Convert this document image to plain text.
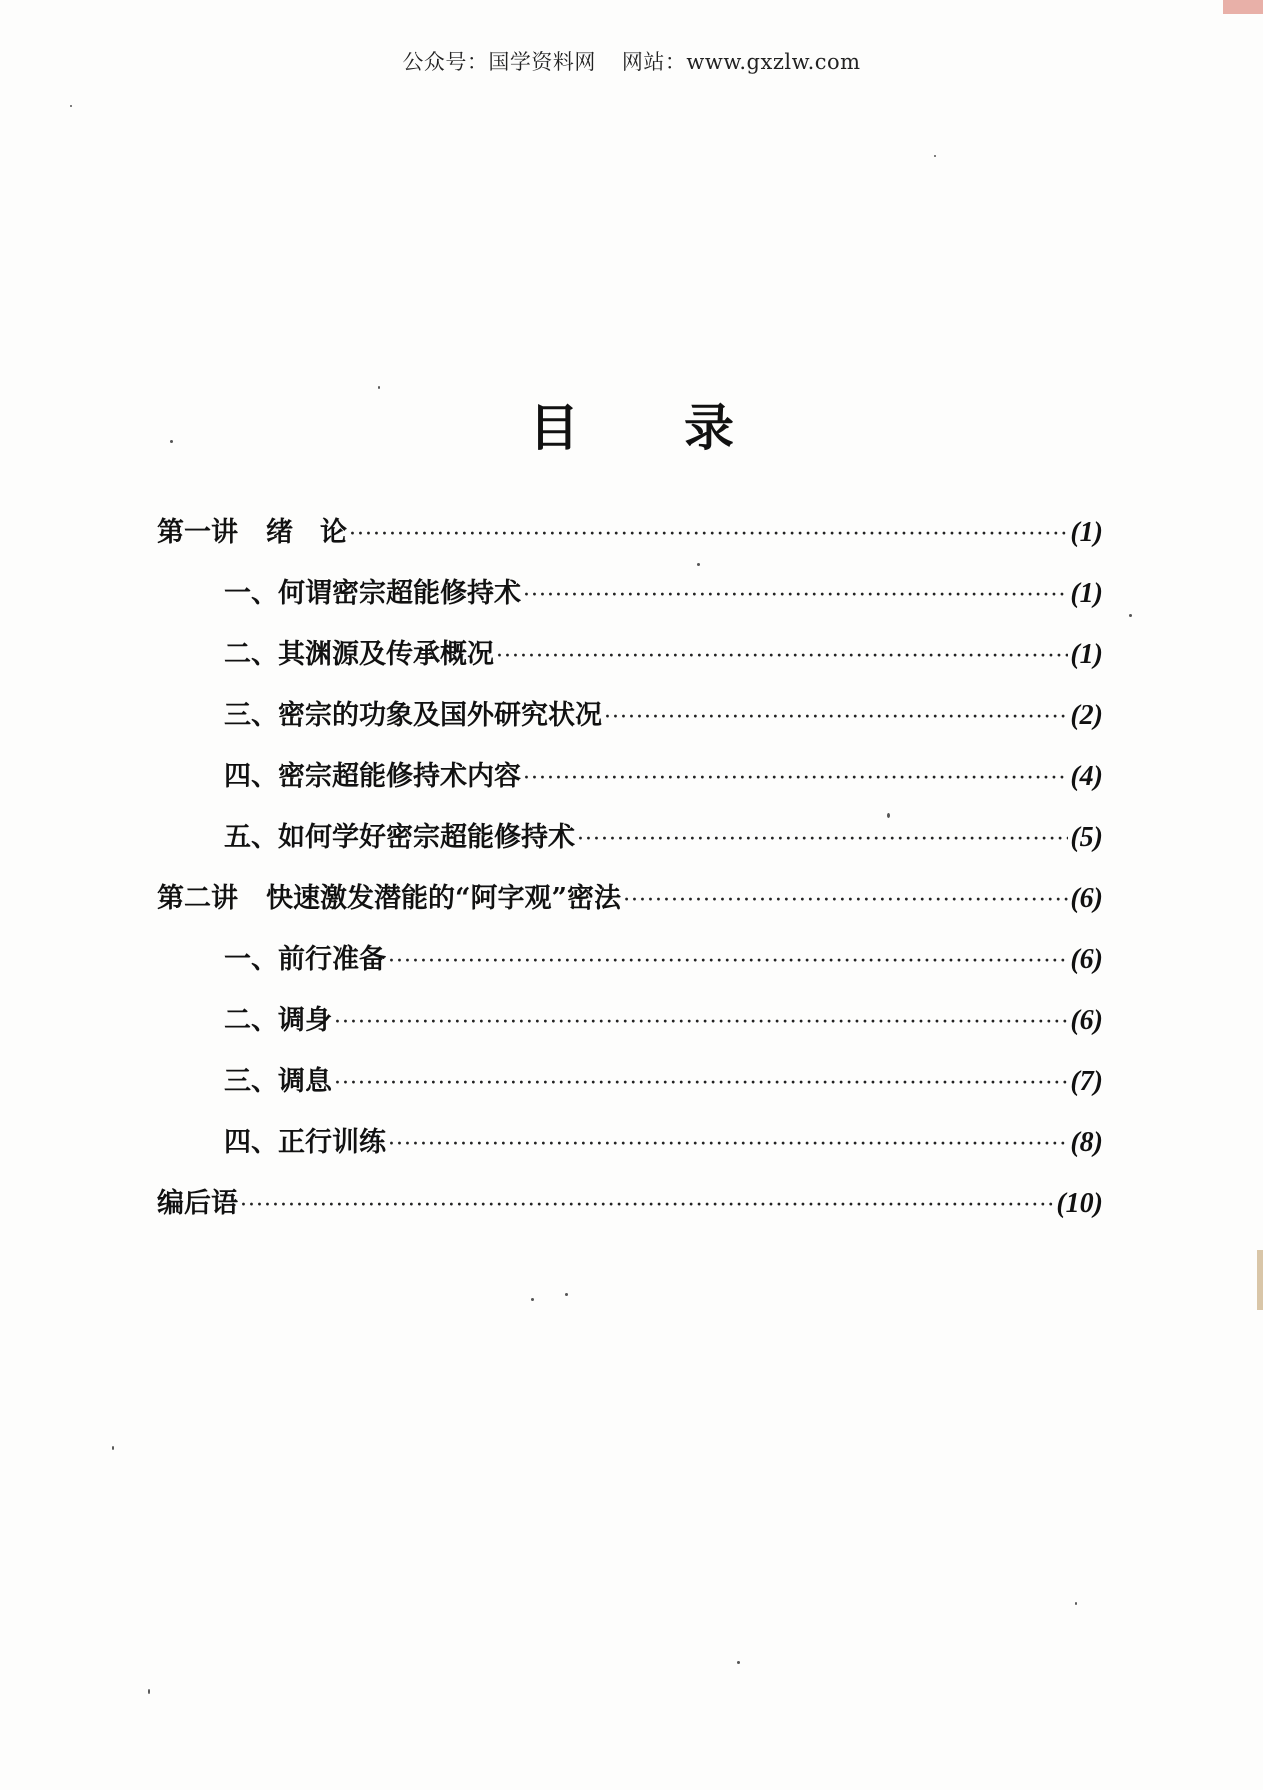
公众号：国学资料网 网站：www.gxzlw.com
目 录
第一讲 绪　论 ·····	(1)
一、何谓密宗超能修持术 ·····	(1)
二、其渊源及传承概况 ·····	(1)
三、密宗的功象及国外研究状况 ·····	(2)
四、密宗超能修持术内容 ·····	(4)
五、如何学好密宗超能修持术 ·····	(5)
第二讲 快速激发潜能的“阿字观”密法 ·····	(6)
一、前行准备 ·····	(6)
二、调身 ·····	(6)
三、调息 ·····	(7)
四、正行训练 ·····	(8)
编后语 ·····	(10)
